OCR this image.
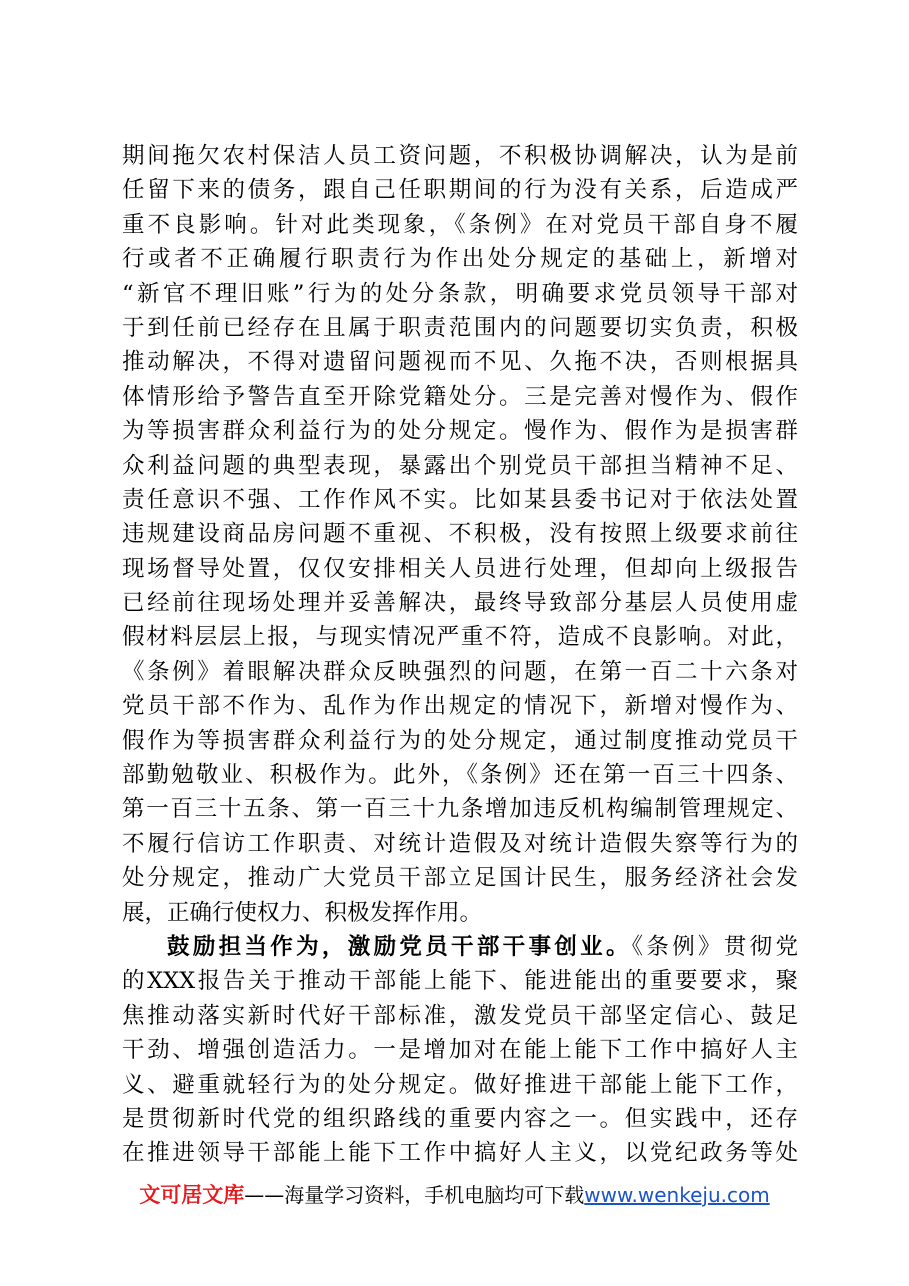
期间拖欠农村保洁人员工资问题，不积极协调解决，认为是前
任留下来的债务，跟自己任职期间的行为没有关系，后造成严
重不良影响。针对此类现象，《条例》在对党员干部自身不履
行或者不正确履行职责行为作出处分规定的基础上，新增对
“新官不理旧账”行为的处分条款，明确要求党员领导干部对
于到任前已经存在且属于职责范围内的问题要切实负责，积极
推动解决，不得对遗留问题视而不见、久拖不决，否则根据具
体情形给予警告直至开除党籍处分。三是完善对慢作为、假作
为等损害群众利益行为的处分规定。慢作为、假作为是损害群
众利益问题的典型表现，暴露出个别党员干部担当精神不足、
责任意识不强、工作作风不实。比如某县委书记对于依法处置
违规建设商品房问题不重视、不积极，没有按照上级要求前往
现场督导处置，仅仅安排相关人员进行处理，但却向上级报告
已经前往现场处理并妥善解决，最终导致部分基层人员使用虚
假材料层层上报，与现实情况严重不符，造成不良影响。对此，
《条例》着眼解决群众反映强烈的问题，在第一百二十六条对
党员干部不作为、乱作为作出规定的情况下，新增对慢作为、
假作为等损害群众利益行为的处分规定，通过制度推动党员干
部勤勉敬业、积极作为。此外，《条例》还在第一百三十四条、
第一百三十五条、第一百三十九条增加违反机构编制管理规定、
不履行信访工作职责、对统计造假及对统计造假失察等行为的
处分规定，推动广大党员干部立足国计民生，服务经济社会发
展，正确行使权力、积极发挥作用。
鼓励担当作为，激励党员干部干事创业。《条例》贯彻党
的XXX报告关于推动干部能上能下、能进能出的重要要求，聚
焦推动落实新时代好干部标准，激发党员干部坚定信心、鼓足
干劲、增强创造活力。一是增加对在能上能下工作中搞好人主
义、避重就轻行为的处分规定。做好推进干部能上能下工作，
是贯彻新时代党的组织路线的重要内容之一。但实践中，还存
在推进领导干部能上能下工作中搞好人主义，以党纪政务等处
文可居文库——海量学习资料，手机电脑均可下载www.wenkeju.com
